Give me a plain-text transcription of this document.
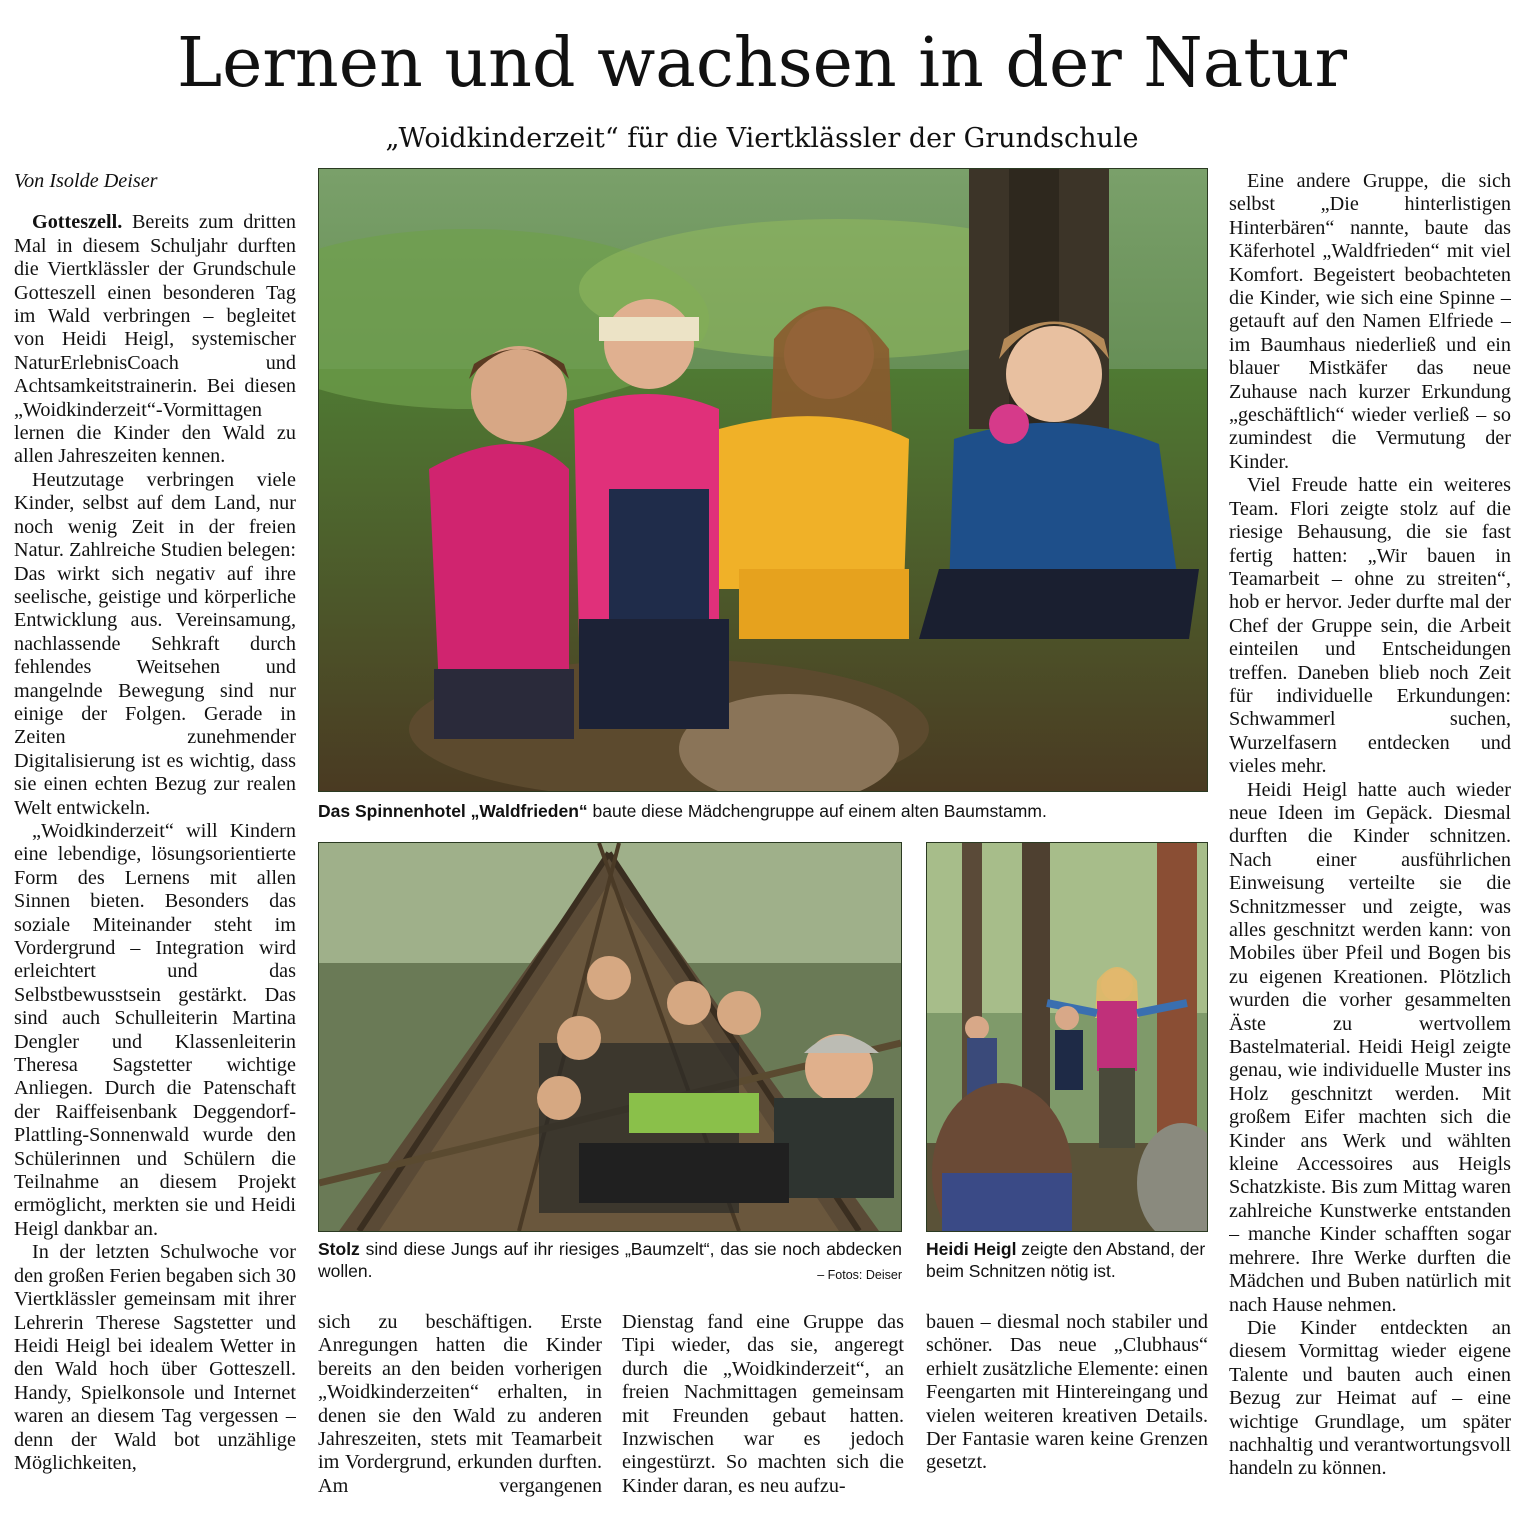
Lernen und wachsen in der Natur
„Woidkinderzeit“ für die Viertklässler der Grundschule

Von Isolde Deiser

Gotteszell. Bereits zum dritten Mal in diesem Schuljahr durften die Viertklässler der Grundschule Gotteszell einen besonderen Tag im Wald verbringen – begleitet von Heidi Heigl, systemischer NaturErlebnisCoach und Achtsamkeitstrainerin. Bei diesen „Woidkinderzeit“-Vormittagen lernen die Kinder den Wald zu allen Jahreszeiten kennen.

Heutzutage verbringen viele Kinder, selbst auf dem Land, nur noch wenig Zeit in der freien Natur. Zahlreiche Studien belegen: Das wirkt sich negativ auf ihre seelische, geistige und körperliche Entwicklung aus. Vereinsamung, nachlassende Sehkraft durch fehlendes Weitsehen und mangelnde Bewegung sind nur einige der Folgen. Gerade in Zeiten zunehmender Digitalisierung ist es wichtig, dass sie einen echten Bezug zur realen Welt entwickeln.

„Woidkinderzeit“ will Kindern eine lebendige, lösungsorientierte Form des Lernens mit allen Sinnen bieten. Besonders das soziale Miteinander steht im Vordergrund – Integration wird erleichtert und das Selbstbewusstsein gestärkt. Das sind auch Schulleiterin Martina Dengler und Klassenleiterin Theresa Sagstetter wichtige Anliegen. Durch die Patenschaft der Raiffeisenbank Deggendorf-Plattling-Sonnenwald wurde den Schülerinnen und Schülern die Teilnahme an diesem Projekt ermöglicht, merkten sie und Heidi Heigl dankbar an.

In der letzten Schulwoche vor den großen Ferien begaben sich 30 Viertklässler gemeinsam mit ihrer Lehrerin Therese Sagstetter und Heidi Heigl bei idealem Wetter in den Wald hoch über Gotteszell. Handy, Spielkonsole und Internet waren an diesem Tag vergessen – denn der Wald bot unzählige Möglichkeiten,

Das Spinnenhotel „Waldfrieden“ baute diese Mädchengruppe auf einem alten Baumstamm.
Stolz sind diese Jungs auf ihr riesiges „Baumzelt“, das sie noch abdecken wollen.	– Fotos: Deiser
Heidi Heigl zeigte den Abstand, der beim Schnitzen nötig ist.

sich zu beschäftigen. Erste Anregungen hatten die Kinder bereits an den beiden vorherigen „Woidkinderzeiten“ erhalten, in denen sie den Wald zu anderen Jahreszeiten, stets mit Teamarbeit im Vordergrund, erkunden durften. Am vergangenen

Dienstag fand eine Gruppe das Tipi wieder, das sie, angeregt durch die „Woidkinderzeit“, an freien Nachmittagen gemeinsam mit Freunden gebaut hatten. Inzwischen war es jedoch eingestürzt. So machten sich die Kinder daran, es neu aufzu-

bauen – diesmal noch stabiler und schöner. Das neue „Clubhaus“ erhielt zusätzliche Elemente: einen Feengarten mit Hintereingang und vielen weiteren kreativen Details. Der Fantasie waren keine Grenzen gesetzt.

Eine andere Gruppe, die sich selbst „Die hinterlistigen Hinterbären“ nannte, baute das Käferhotel „Waldfrieden“ mit viel Komfort. Begeistert beobachteten die Kinder, wie sich eine Spinne – getauft auf den Namen Elfriede – im Baumhaus niederließ und ein blauer Mistkäfer das neue Zuhause nach kurzer Erkundung „geschäftlich“ wieder verließ – so zumindest die Vermutung der Kinder.

Viel Freude hatte ein weiteres Team. Flori zeigte stolz auf die riesige Behausung, die sie fast fertig hatten: „Wir bauen in Teamarbeit – ohne zu streiten“, hob er hervor. Jeder durfte mal der Chef der Gruppe sein, die Arbeit einteilen und Entscheidungen treffen. Daneben blieb noch Zeit für individuelle Erkundungen: Schwammerl suchen, Wurzelfasern entdecken und vieles mehr.

Heidi Heigl hatte auch wieder neue Ideen im Gepäck. Diesmal durften die Kinder schnitzen. Nach einer ausführlichen Einweisung verteilte sie die Schnitzmesser und zeigte, was alles geschnitzt werden kann: von Mobiles über Pfeil und Bogen bis zu eigenen Kreationen. Plötzlich wurden die vorher gesammelten Äste zu wertvollem Bastelmaterial. Heidi Heigl zeigte genau, wie individuelle Muster ins Holz geschnitzt werden. Mit großem Eifer machten sich die Kinder ans Werk und wählten kleine Accessoires aus Heigls Schatzkiste. Bis zum Mittag waren zahlreiche Kunstwerke entstanden – manche Kinder schafften sogar mehrere. Ihre Werke durften die Mädchen und Buben natürlich mit nach Hause nehmen.

Die Kinder entdeckten an diesem Vormittag wieder eigene Talente und bauten auch einen Bezug zur Heimat auf – eine wichtige Grundlage, um später nachhaltig und verantwortungsvoll handeln zu können.
